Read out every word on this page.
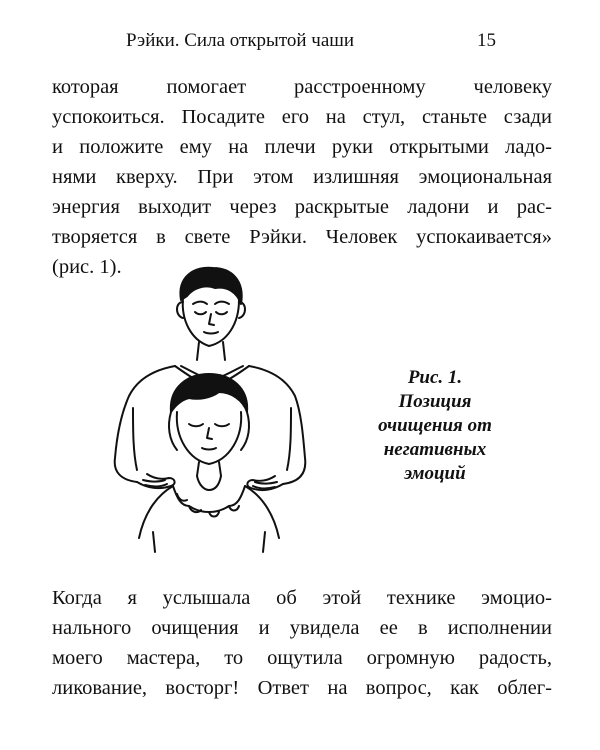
Рэйки. Сила открытой чаши	15
которая помогает расстроенному человеку
успокоиться. Посадите его на стул, станьте сзади
и положите ему на плечи руки открытыми ладо-
нями кверху. При этом излишняя эмоциональная
энергия выходит через раскрытые ладони и рас-
творяется в свете Рэйки. Человек успокаивается»
(рис. 1).
Рис. 1.
Позиция
очищения от
негативных
эмоций
Когда я услышала об этой технике эмоцио-
нального очищения и увидела ее в исполнении
моего мастера, то ощутила огромную радость,
ликование, восторг! Ответ на вопрос, как облег-
